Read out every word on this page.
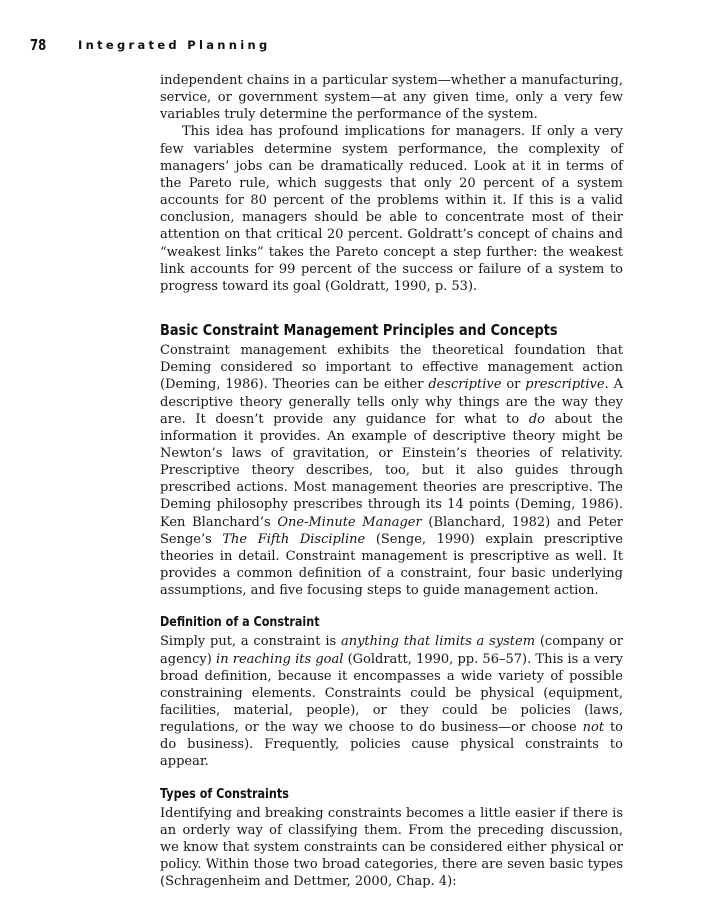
78	Integrated Planning

independent chains in a particular system—whether a manufacturing, service, or government system—at any given time, only a very few variables truly determine the performance of the system.

This idea has profound implications for managers. If only a very few variables determine system performance, the complexity of managers’ jobs can be dramatically reduced. Look at it in terms of the Pareto rule, which suggests that only 20 percent of a system accounts for 80 percent of the problems within it. If this is a valid conclusion, managers should be able to concentrate most of their attention on that critical 20 percent. Goldratt’s concept of chains and “weakest links” takes the Pareto concept a step further: the weakest link accounts for 99 percent of the success or failure of a system to progress toward its goal (Goldratt, 1990, p. 53).

Basic Constraint Management Principles and Concepts

Constraint management exhibits the theoretical foundation that Deming considered so important to effective management action (Deming, 1986). Theories can be either descriptive or prescriptive. A descriptive theory generally tells only why things are the way they are. It doesn’t provide any guidance for what to do about the information it provides. An example of descriptive theory might be Newton’s laws of gravitation, or Einstein’s theories of relativity. Prescriptive theory describes, too, but it also guides through prescribed actions. Most management theories are prescriptive. The Deming philosophy prescribes through its 14 points (Deming, 1986). Ken Blanchard’s One-Minute Manager (Blanchard, 1982) and Peter Senge’s The Fifth Discipline (Senge, 1990) explain prescriptive theories in detail. Constraint management is prescriptive as well. It provides a common definition of a constraint, four basic underlying assumptions, and five focusing steps to guide management action.

Definition of a Constraint

Simply put, a constraint is anything that limits a system (company or agency) in reaching its goal (Goldratt, 1990, pp. 56–57). This is a very broad definition, because it encompasses a wide variety of possible constraining elements. Constraints could be physical (equipment, facilities, material, people), or they could be policies (laws, regulations, or the way we choose to do business—or choose not to do business). Frequently, policies cause physical constraints to appear.

Types of Constraints

Identifying and breaking constraints becomes a little easier if there is an orderly way of classifying them. From the preceding discussion, we know that system constraints can be considered either physical or policy. Within those two broad categories, there are seven basic types (Schragenheim and Dettmer, 2000, Chap. 4):
